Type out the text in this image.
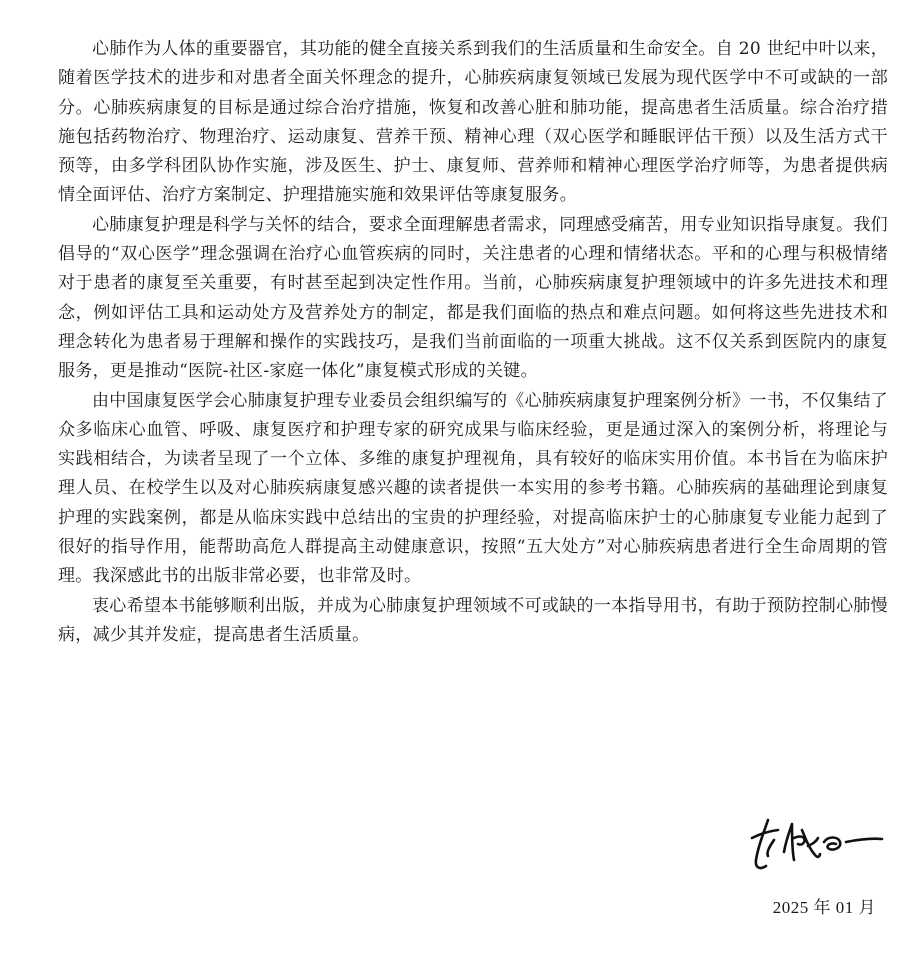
心肺作为人体的重要器官，其功能的健全直接关系到我们的生活质量和生命安全。自 20 世纪中叶以来，随着医学技术的进步和对患者全面关怀理念的提升，心肺疾病康复领域已发展为现代医学中不可或缺的一部分。心肺疾病康复的目标是通过综合治疗措施，恢复和改善心脏和肺功能，提高患者生活质量。综合治疗措施包括药物治疗、物理治疗、运动康复、营养干预、精神心理（双心医学和睡眠评估干预）以及生活方式干预等，由多学科团队协作实施，涉及医生、护士、康复师、营养师和精神心理医学治疗师等，为患者提供病情全面评估、治疗方案制定、护理措施实施和效果评估等康复服务。

心肺康复护理是科学与关怀的结合，要求全面理解患者需求，同理感受痛苦，用专业知识指导康复。我们倡导的“双心医学”理念强调在治疗心血管疾病的同时，关注患者的心理和情绪状态。平和的心理与积极情绪对于患者的康复至关重要，有时甚至起到决定性作用。当前，心肺疾病康复护理领域中的许多先进技术和理念，例如评估工具和运动处方及营养处方的制定，都是我们面临的热点和难点问题。如何将这些先进技术和理念转化为患者易于理解和操作的实践技巧，是我们当前面临的一项重大挑战。这不仅关系到医院内的康复服务，更是推动“医院-社区-家庭一体化”康复模式形成的关键。

由中国康复医学会心肺康复护理专业委员会组织编写的《心肺疾病康复护理案例分析》一书，不仅集结了众多临床心血管、呼吸、康复医疗和护理专家的研究成果与临床经验，更是通过深入的案例分析，将理论与实践相结合，为读者呈现了一个立体、多维的康复护理视角，具有较好的临床实用价值。本书旨在为临床护理人员、在校学生以及对心肺疾病康复感兴趣的读者提供一本实用的参考书籍。心肺疾病的基础理论到康复护理的实践案例，都是从临床实践中总结出的宝贵的护理经验，对提高临床护士的心肺康复专业能力起到了很好的指导作用，能帮助高危人群提高主动健康意识，按照“五大处方”对心肺疾病患者进行全生命周期的管理。我深感此书的出版非常必要，也非常及时。

衷心希望本书能够顺利出版，并成为心肺康复护理领域不可或缺的一本指导用书，有助于预防控制心肺慢病，减少其并发症，提高患者生活质量。

2025 年 01 月
